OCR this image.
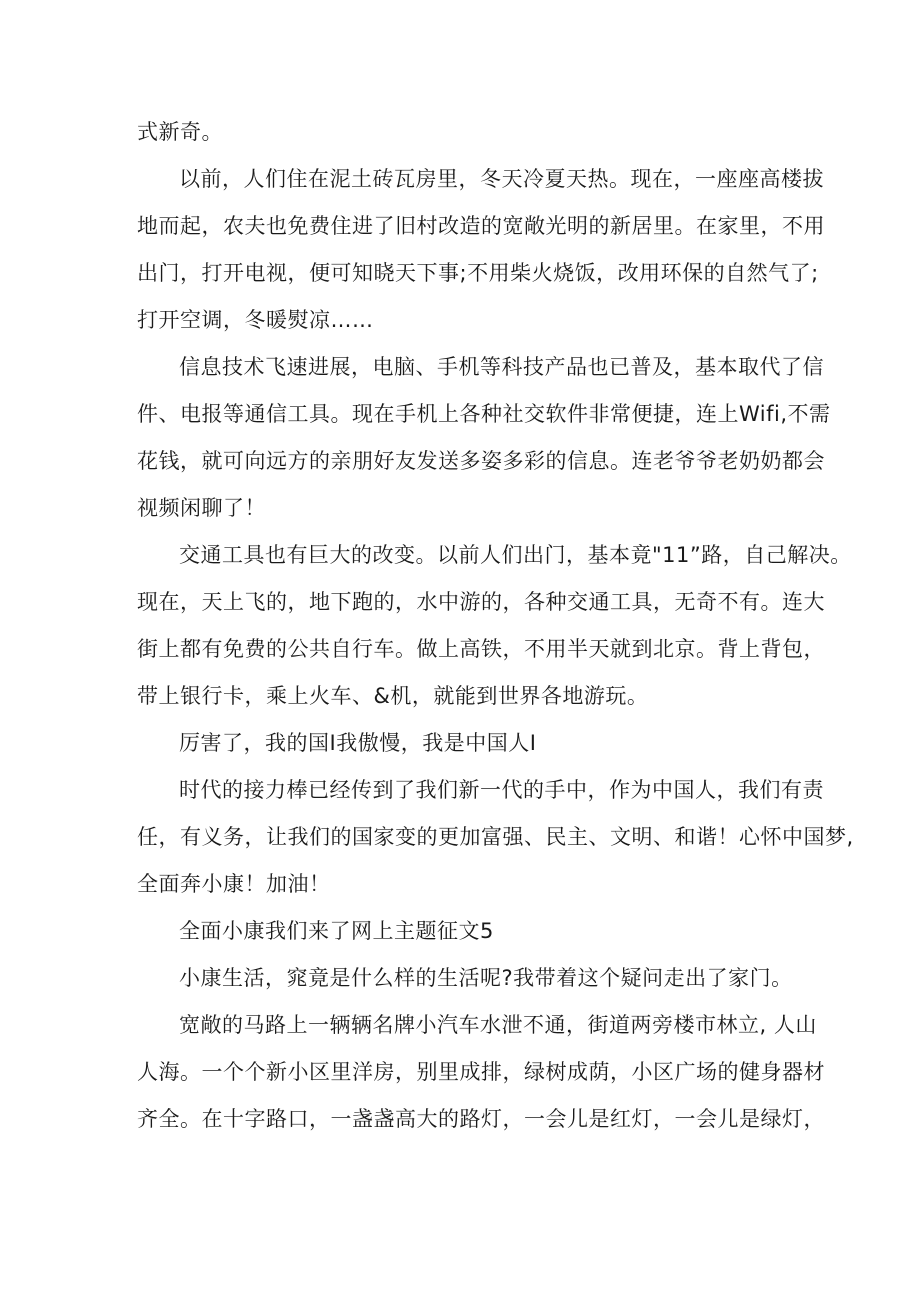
式新奇。

以前，人们住在泥土砖瓦房里，冬天冷夏天热。现在，一座座高楼拔
地而起，农夫也免费住进了旧村改造的宽敞光明的新居里。在家里，不用
出门，打开电视，便可知晓天下事;不用柴火烧饭，改用环保的自然气了;
打开空调，冬暖熨凉……

信息技术飞速进展，电脑、手机等科技产品也已普及，基本取代了信
件、电报等通信工具。现在手机上各种社交软件非常便捷，连上Wifi,不需
花钱，就可向远方的亲朋好友发送多姿多彩的信息。连老爷爷老奶奶都会
视频闲聊了！

交通工具也有巨大的改变。以前人们出门，基本竟"11”路，自己解决。
现在，天上飞的，地下跑的，水中游的，各种交通工具，无奇不有。连大
街上都有免费的公共自行车。做上高铁，不用半天就到北京。背上背包，
带上银行卡，乘上火车、&机，就能到世界各地游玩。

厉害了，我的国I我傲慢，我是中国人I

时代的接力棒已经传到了我们新一代的手中，作为中国人，我们有责
任，有义务，让我们的国家变的更加富强、民主、文明、和谐！心怀中国梦,
全面奔小康！加油！

全面小康我们来了网上主题征文5

小康生活，窕竟是什么样的生活呢?我带着这个疑问走出了家门。

宽敞的马路上一辆辆名牌小汽车水泄不通，街道两旁楼市林立, 人山
人海。一个个新小区里洋房，别里成排，绿树成荫，小区广场的健身器材
齐全。在十字路口，一盏盏高大的路灯，一会儿是红灯，一会儿是绿灯，
